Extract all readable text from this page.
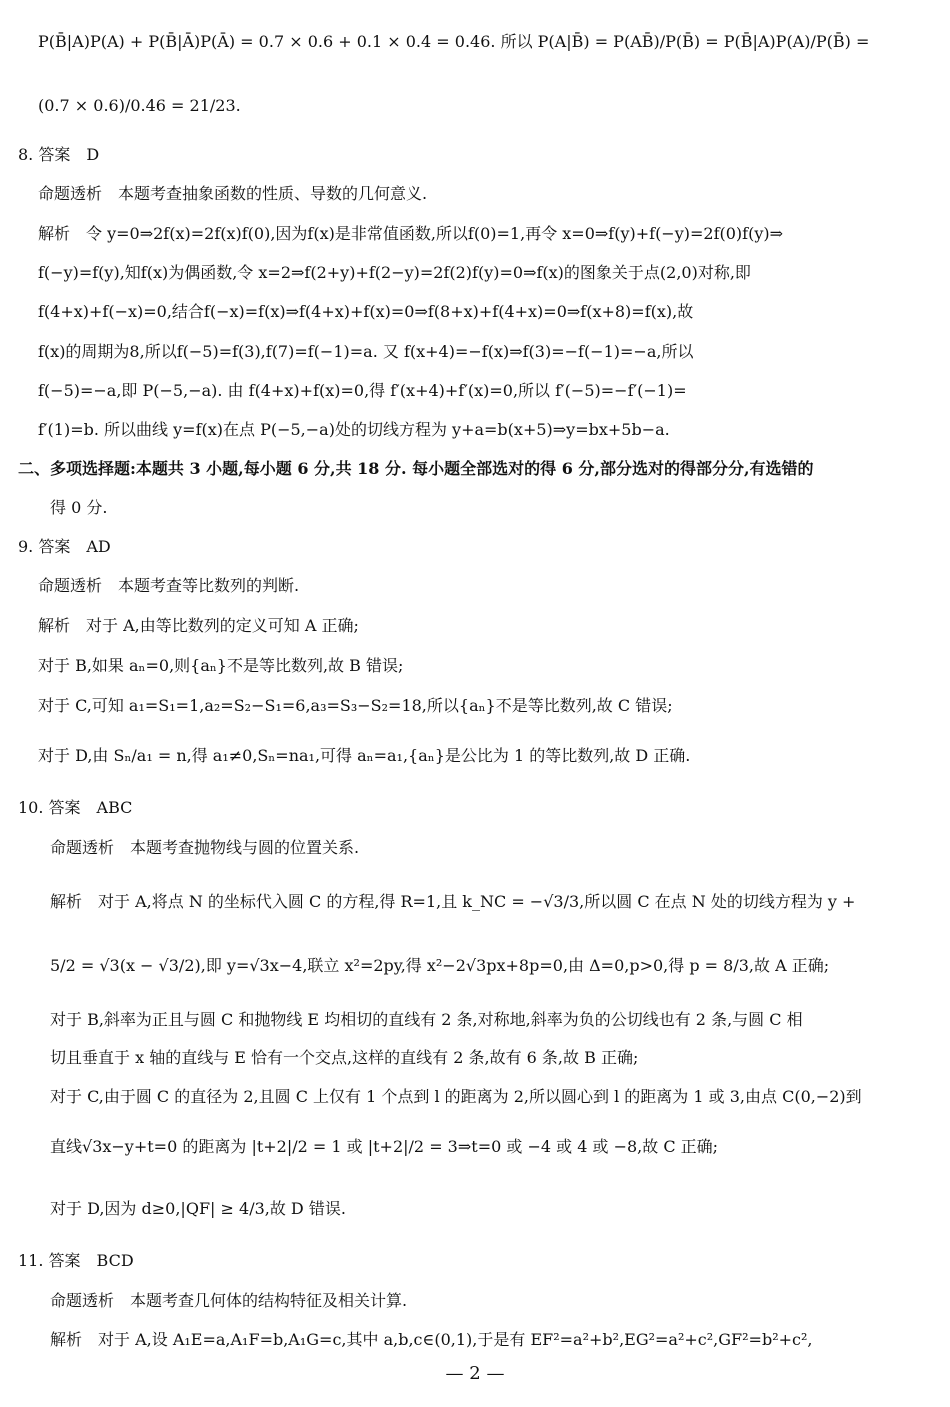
P(B̄|A)P(A) + P(B̄|Ā)P(Ā) = 0.7 × 0.6 + 0.1 × 0.4 = 0.46. 所以 P(A|B̄) = P(AB̄)/P(B̄) = P(B̄|A)P(A)/P(B̄) =
(0.7 × 0.6)/0.46 = 21/23.
8. 答案　D
命题透析　本题考查抽象函数的性质、导数的几何意义.
解析　令 y=0⇒2f(x)=2f(x)f(0),因为f(x)是非常值函数,所以f(0)=1,再令 x=0⇒f(y)+f(−y)=2f(0)f(y)⇒
f(−y)=f(y),知f(x)为偶函数,令 x=2⇒f(2+y)+f(2−y)=2f(2)f(y)=0⇒f(x)的图象关于点(2,0)对称,即
f(4+x)+f(−x)=0,结合f(−x)=f(x)⇒f(4+x)+f(x)=0⇒f(8+x)+f(4+x)=0⇒f(x+8)=f(x),故
f(x)的周期为8,所以f(−5)=f(3),f(7)=f(−1)=a. 又 f(x+4)=−f(x)⇒f(3)=−f(−1)=−a,所以
f(−5)=−a,即 P(−5,−a). 由 f(4+x)+f(x)=0,得 f′(x+4)+f′(x)=0,所以 f′(−5)=−f′(−1)=
f′(1)=b. 所以曲线 y=f(x)在点 P(−5,−a)处的切线方程为 y+a=b(x+5)⇒y=bx+5b−a.
二、多项选择题:本题共 3 小题,每小题 6 分,共 18 分. 每小题全部选对的得 6 分,部分选对的得部分分,有选错的
得 0 分.
9. 答案　AD
命题透析　本题考查等比数列的判断.
解析　对于 A,由等比数列的定义可知 A 正确;
对于 B,如果 aₙ=0,则{aₙ}不是等比数列,故 B 错误;
对于 C,可知 a₁=S₁=1,a₂=S₂−S₁=6,a₃=S₃−S₂=18,所以{aₙ}不是等比数列,故 C 错误;
对于 D,由 Sₙ/a₁ = n,得 a₁≠0,Sₙ=na₁,可得 aₙ=a₁,{aₙ}是公比为 1 的等比数列,故 D 正确.
10. 答案　ABC
命题透析　本题考查抛物线与圆的位置关系.
解析　对于 A,将点 N 的坐标代入圆 C 的方程,得 R=1,且 k_NC = −√3/3,所以圆 C 在点 N 处的切线方程为 y +
5/2 = √3(x − √3/2),即 y=√3x−4,联立 x²=2py,得 x²−2√3px+8p=0,由 Δ=0,p>0,得 p = 8/3,故 A 正确;
对于 B,斜率为正且与圆 C 和抛物线 E 均相切的直线有 2 条,对称地,斜率为负的公切线也有 2 条,与圆 C 相
切且垂直于 x 轴的直线与 E 恰有一个交点,这样的直线有 2 条,故有 6 条,故 B 正确;
对于 C,由于圆 C 的直径为 2,且圆 C 上仅有 1 个点到 l 的距离为 2,所以圆心到 l 的距离为 1 或 3,由点 C(0,−2)到
直线√3x−y+t=0 的距离为 |t+2|/2 = 1 或 |t+2|/2 = 3⇒t=0 或 −4 或 4 或 −8,故 C 正确;
对于 D,因为 d≥0,|QF| ≥ 4/3,故 D 错误.
11. 答案　BCD
命题透析　本题考查几何体的结构特征及相关计算.
解析　对于 A,设 A₁E=a,A₁F=b,A₁G=c,其中 a,b,c∈(0,1),于是有 EF²=a²+b²,EG²=a²+c²,GF²=b²+c²,
— 2 —
